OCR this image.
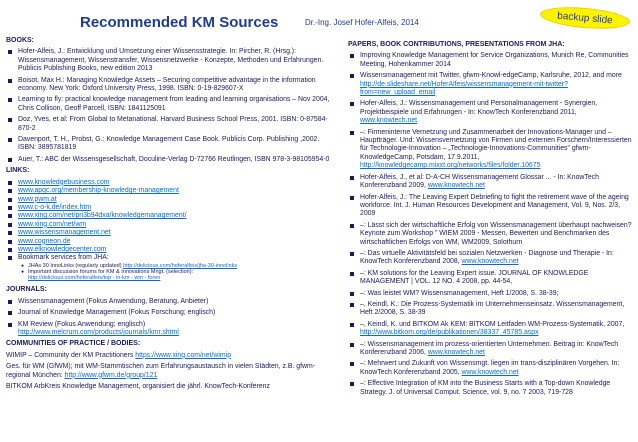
Recommended KM Sources	Dr.-Ing. Josef Hofer-Alfeis, 2014	backup slide
BOOKS:
Hofer-Alfeis, J.: Entwicklung und Umsetzung einer Wissensstrategie. In: Pircher, R. (Hrsg.): Wissensmanagement, Wissenstransfer, Wissensnetzwerke - Konzepte, Methoden und Erfahrungen. Publicis Publishing Books, new edition 2013
Boisot, Max H.: Managing Knowledge Assets – Securing competitive advantage in the information economy. New York: Oxford University Press, 1998. ISBN: 0-19-829607-X
Learning to fly: practical knowledge management from leading and learning organisations – Nov 2004, Chris Collison, Geoff Parcell, ISBN: 1841125091
Doz, Yves, et al: From Global to Metanational. Harvard Business School Press, 2001. ISBN: 0-87584-870-2
Davenport, T. H., Probst, G.: Knowledge Management Case Book. Publicis Corp. Publishing ,2002. ISBN: 3895781819
Auer, T.: ABC der Wissensgesellschaft, Doculine-Verlag D-72766 Reutlingen, ISBN 978-3-98105954-0
LINKS:
www.knowledgebusiness.com
www.apqc.org/membership-knowledge-management
www.pwm.at
www.c-o-k.de/index.htm
www.xing.com/net/pri3b94dxa/knowledgemanagement/
www.xing.com/net/wm
www.wissensmanagement.net
www.cogneon.de
www.elknowledgecenter.com
Bookmark services from JHA:
● JHAs 30 InnoLinks (regularly updated) http://delicious.com/hoferalfeis/jha-30-innolinks
● Important discussion forums for KM & Innovations Mngt. (selection):
http://delicious.com/hoferalfeis/top - in-km - wm - foren
JOURNALS:
Wissensmanagement (Fokus Anwendung, Beratung, Anbieter)
Journal of Knowledge Management (Fokus Forschung; englisch)
KM Review (Fokus Anwendung; englisch)
http://www.melcrum.com/products/journals/kmr.shtml
COMMUNITIES OF PRACTICE / BODIES:
WIMIP – Community der KM Practitioners https://www.xing.com/net/wimip
Ges. für WM (GfWM); mit WM-Stammtischen zum Erfahrungsaustausch in vielen Städten, z.B. gfwm-regional München: http://www.gfwm.de/group/121
BITKOM ArbKreis Knowledge Management, organisiert die jährl. KnowTech-Konferenz
PAPERS, BOOK CONTRIBUTIONS, PRESENTATIONS FROM JHA:
Improving Knowledge Management for Service Organizations, Munich Re, Communities Meeting, Hohenkammer 2014
Wissensmanagement mit Twitter, gfwm-Knowl-edgeCamp, Karlsruhe, 2012, and more http://de.slideshare.net/HoferAlfeis/wissensmanagement-mit-twitter?from=new_upload_email
Hofer-Alfeis, J.: Wissensmanagement und Personalmanagement - Synergien, Projektbeispiele und Erfahrungen - In: KnowTech Konferenzband 2011, www.knowtech.net
–: Firmeninterne Vernetzung und Zusammenarbeit der Innovations-Manager und –Hauptträger. Und: Wissensvernetzung von Firmen und externen Forschern/Interessierten für Technologie-Innovation – „Technologie-Innovations-Communities" gfwm-KnowledgeCamp, Potsdam, 17.9.2011, http://knowledgecamp.mixxt.org/networks/files/folder.10675
Hofer-Alfeis, J., et al: D-A-CH Wissensmanagement Glossar ... - In: KnowTech Konferenzband 2009, www.knowtech.net
Hofer-Alfeis, J.: The Leaving Expert Debriefing to fight the retirement wave of the ageing workforce. Int. J. Human Resources Development and Management, Vol. 9, Nos. 2/3, 2009
–: Lässt sich der wirtschaftliche Erfolg von Wissensmanagement überhaupt nachweisen? Keynote zum Workshop " WIEM 2009 - Messen, Bewerten und Benchmarken des wirtschaftlichen Erfolgs von WM, WM2009, Solothurn
–: Das virtuelle Aktivitätsfeld bei sozialen Netzwerken - Diagnose und Therapie - In: KnowTech Konferenzband 2008, www.knowtech.net
–: KM solutions for the Leaving Expert issue. JOURNAL OF KNOWLEDGE MANAGEMENT | VOL. 12 NO. 4 2008, pp. 44-54,
–: Was leistet WM? Wissensmanagement, Heft 1/2008, S. 38-39;
–, Keindl, K.: Die Prozess-Systematik im Unternehmenseinsatz. Wissensmanagement, Heft 2/2008, S. 38-39
–, Keindl, K. und BITKOM Ak KEM: BITKOM Leitfaden WM-Prozess-Systematik, 2007, http://www.bitkom.org/de/publikationen/38337_45785.aspx
–: Wissensmanagement im prozess-orientierten Unternehmen. Beitrag in: KnowTech Konferenzband 2006, www.knowtech.net
–: Mehrwert und Zukunft von Wissensmgt. liegen im trans-disziplinären Vorgehen. In: KnowTech Konferenzband 2005, www.knowtech.net
–: Effective Integration of KM into the Business Starts with a Top-down Knowledge Strategy. J. of Universal Comput. Science, vol. 9, no. 7 2003, 719-728
